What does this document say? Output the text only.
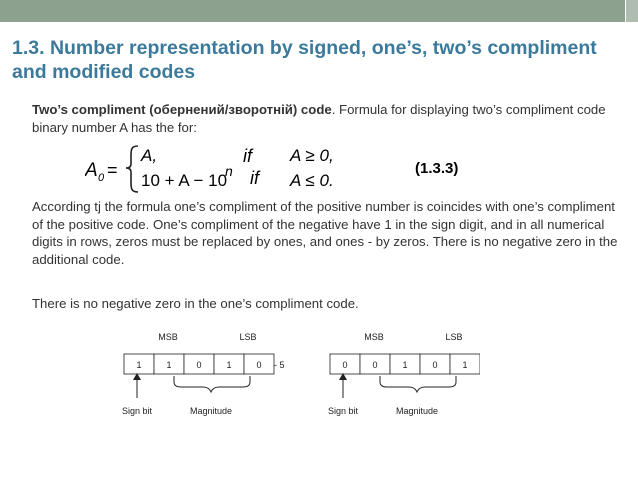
1.3. Number representation by signed, one’s, two’s compliment and modified codes

Two’s compliment (обернений/зворотній) code. Formula for displaying two’s compliment code binary number A has the for:

A 0 =
A,	if A ≥ 0,
10 + A − 10
n if A ≤ 0.
(1.3.3)

According tj the formula one’s compliment of the positive number is coincides with one’s compliment of the positive code. One’s compliment of the negative have 1 in the sign digit, and in all numerical digits in rows, zeros must be replaced by ones, and ones - by zeros. There is no negative zero in the additional code.

There is no negative zero in the one’s compliment code.

MSB	LSB
1	1	0	1	0 - 5
Sign bit	Magnitude
MSB	LSB
0	0	1	0	1
Sign bit	Magnitude
